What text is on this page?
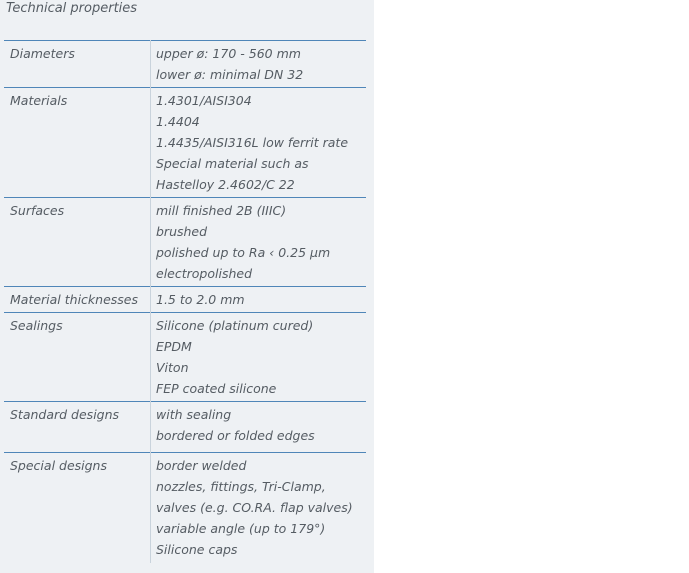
Technical properties
Diameters	upper ø: 170 - 560 mm
lower ø: minimal DN 32

Materials	1.4301/AISI304
1.4404
1.4435/AISI316L low ferrit rate
Special material such as
Hastelloy 2.4602/C 22

Surfaces	mill finished 2B (IIIC)
brushed
polished up to Ra ‹ 0.25 µm
electropolished

Material thicknesses	1.5 to 2.0 mm

Sealings	Silicone (platinum cured)
EPDM
Viton
FEP coated silicone

Standard designs	with sealing
bordered or folded edges

Special designs	border welded
nozzles, fittings, Tri-Clamp,
valves (e.g. CO.RA. flap valves)
variable angle (up to 179°)
Silicone caps
